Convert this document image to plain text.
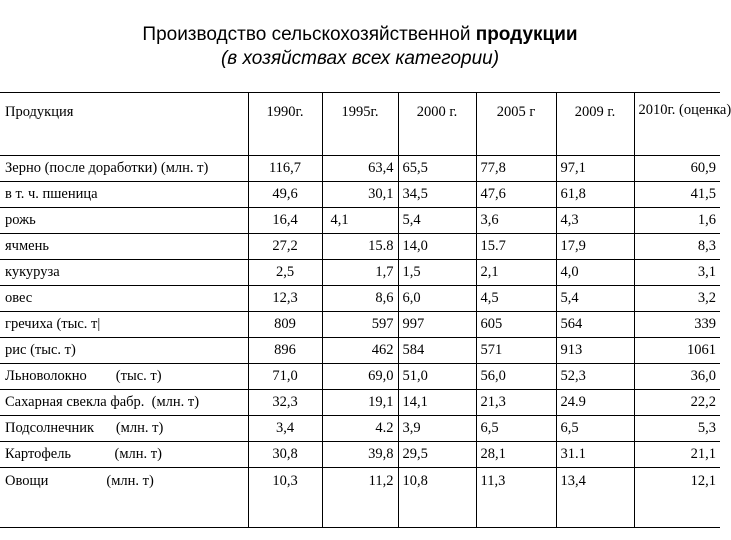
Производство сельскохозяйственной продукции
(в хозяйствах всех категории)
Продукция	1990г.	1995г.	2000 г.	2005 г	2009 г.	2010г. (оценка)
Зерно (после доработки) (млн. т)	116,7	63,4	65,5	77,8	97,1	60,9
в т. ч. пшеница	49,6	30,1	34,5	47,6	61,8	41,5
рожь	16,4	4,1	5,4	3,6	4,3	1,6
ячмень	27,2	15.8	14,0	15.7	17,9	8,3
кукуруза	2,5	1,7	1,5	2,1	4,0	3,1
овес	12,3	8,6	6,0	4,5	5,4	3,2
гречиха (тыс. т|	809	597	997	605	564	339
рис (тыс. т)	896	462	584	571	913	1061
Льноволокно        (тыс. т)	71,0	69,0	51,0	56,0	52,3	36,0
Сахарная свекла фабр.  (млн. т)	32,3	19,1	14,1	21,3	24.9	22,2
Подсолнечник      (млн. т)	3,4	4.2	3,9	6,5	6,5	5,3
Картофель            (млн. т)	30,8	39,8	29,5	28,1	31.1	21,1
Овощи                (млн. т)	10,3	11,2	10,8	11,3	13,4	12,1
